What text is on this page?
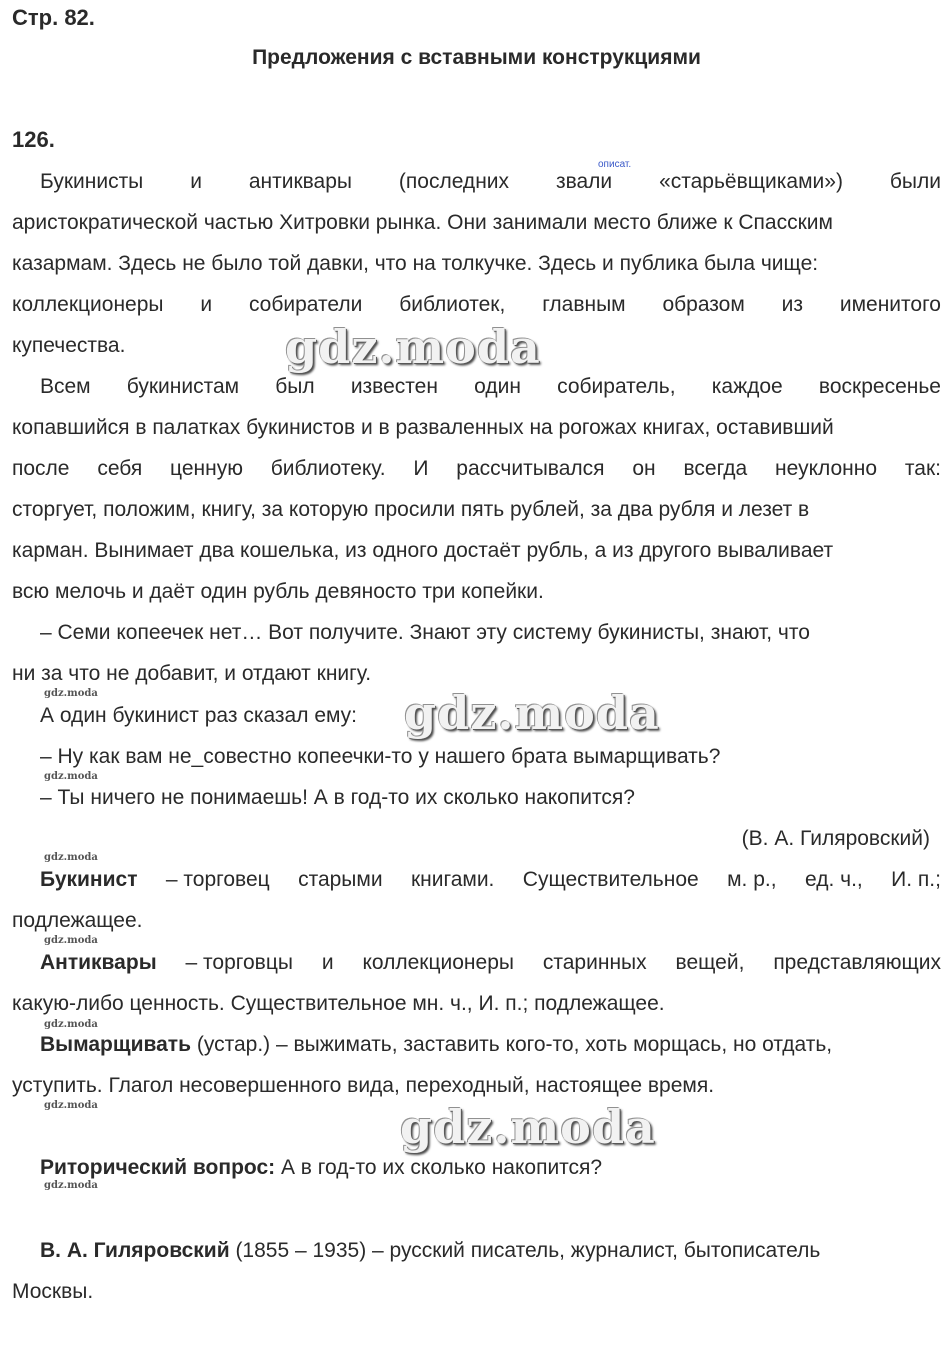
Стр. 82.
Предложения с вставными конструкциями
126.
описат.
Букинисты и антиквары (последних звали «старьёвщиками») были
аристократической частью Хитровки рынка. Они занимали место ближе к Спасским
казармам. Здесь не было той давки, что на толкучке. Здесь и публика была чище:
коллекционеры и собиратели библиотек, главным образом из именитого
купечества.
Всем букинистам был известен один собиратель, каждое воскресенье
копавшийся в палатках букинистов и в разваленных на рогожах книгах, оставивший
после себя ценную библиотеку. И рассчитывался он всегда неуклонно так:
сторгует, положим, книгу, за которую просили пять рублей, за два рубля и лезет в
карман. Вынимает два кошелька, из одного достаёт рубль, а из другого вываливает
всю мелочь и даёт один рубль девяносто три копейки.
– Семи копеечек нет… Вот получите. Знают эту систему букинисты, знают, что
ни за что не добавит, и отдают книгу.
А один букинист раз сказал ему:
– Ну как вам не_совестно копеечки-то у нашего брата вымарщивать?
– Ты ничего не понимаешь! А в год-то их сколько накопится?
(В. А. Гиляровский)
Букинист – торговец старыми книгами. Существительное м. р., ед. ч., И. п.;
подлежащее.
Антиквары – торговцы и коллекционеры старинных вещей, представляющих
какую-либо ценность. Существительное мн. ч., И. п.; подлежащее.
Вымарщивать (устар.) – выжимать, заставить кого-то, хоть морщась, но отдать,
уступить. Глагол несовершенного вида, переходный, настоящее время.
Риторический вопрос: А в год-то их сколько накопится?
В. А. Гиляровский (1855 – 1935) – русский писатель, журналист, бытописатель
Москвы.
gdz.moda
gdz.moda
gdz.moda
gdz.moda
gdz.moda
gdz.moda
gdz.moda
gdz.moda
gdz.moda
gdz.moda
